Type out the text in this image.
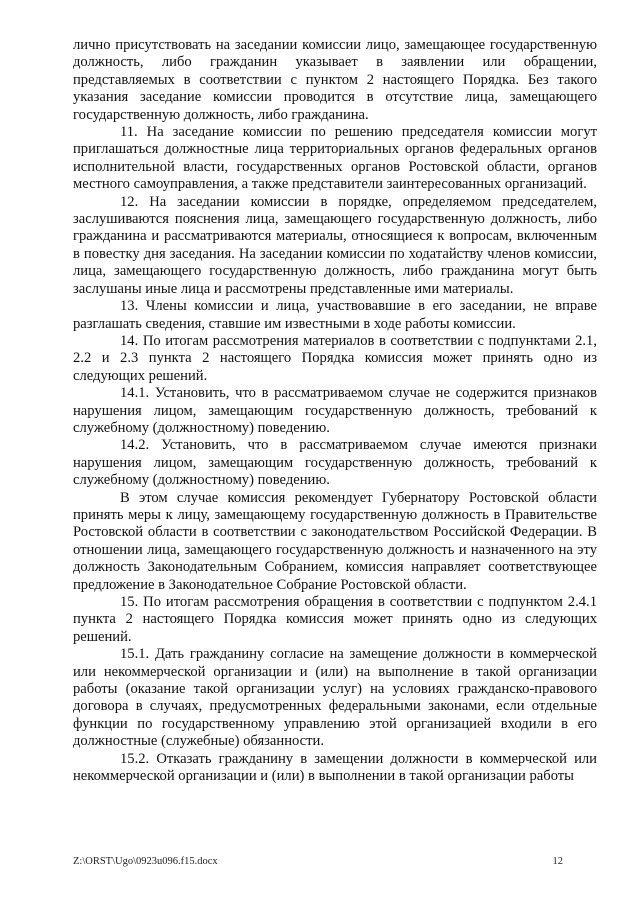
лично присутствовать на заседании комиссии лицо, замещающее государственную должность, либо гражданин указывает в заявлении или обращении, представляемых в соответствии с пунктом 2 настоящего Порядка. Без такого указания заседание комиссии проводится в отсутствие лица, замещающего государственную должность, либо гражданина.

11. На заседание комиссии по решению председателя комиссии могут приглашаться должностные лица территориальных органов федеральных органов исполнительной власти, государственных органов Ростовской области, органов местного самоуправления, а также представители заинтересованных организаций.

12. На заседании комиссии в порядке, определяемом председателем, заслушиваются пояснения лица, замещающего государственную должность, либо гражданина и рассматриваются материалы, относящиеся к вопросам, включенным в повестку дня заседания. На заседании комиссии по ходатайству членов комиссии, лица, замещающего государственную должность, либо гражданина могут быть заслушаны иные лица и рассмотрены представленные ими материалы.

13. Члены комиссии и лица, участвовавшие в его заседании, не вправе разглашать сведения, ставшие им известными в ходе работы комиссии.

14. По итогам рассмотрения материалов в соответствии с подпунктами 2.1, 2.2 и 2.3 пункта 2 настоящего Порядка комиссия может принять одно из следующих решений.

14.1. Установить, что в рассматриваемом случае не содержится признаков нарушения лицом, замещающим государственную должность, требований к служебному (должностному) поведению.

14.2. Установить, что в рассматриваемом случае имеются признаки нарушения лицом, замещающим государственную должность, требований к служебному (должностному) поведению.

В этом случае комиссия рекомендует Губернатору Ростовской области принять меры к лицу, замещающему государственную должность в Правительстве Ростовской области в соответствии с законодательством Российской Федерации. В отношении лица, замещающего государственную должность и назначенного на эту должность Законодательным Собранием, комиссия направляет соответствующее предложение в Законодательное Собрание Ростовской области.

15. По итогам рассмотрения обращения в соответствии с подпунктом 2.4.1 пункта 2 настоящего Порядка комиссия может принять одно из следующих решений.

15.1. Дать гражданину согласие на замещение должности в коммерческой или некоммерческой организации и (или) на выполнение в такой организации работы (оказание такой организации услуг) на условиях гражданско-правового договора в случаях, предусмотренных федеральными законами, если отдельные функции по государственному управлению этой организацией входили в его должностные (служебные) обязанности.

15.2. Отказать гражданину в замещении должности в коммерческой или некоммерческой организации и (или) в выполнении в такой организации работы

Z:\ORST\Ugo\0923u096.f15.docx	12
